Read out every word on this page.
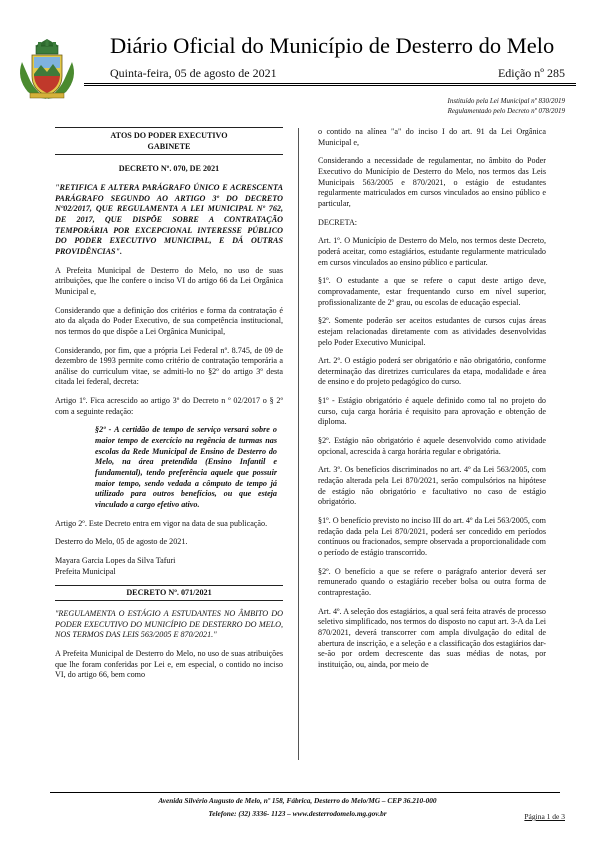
Diário Oficial do Município de Desterro do Melo
Quinta-feira, 05 de agosto de 2021	Edição nº 285
Instituído pela Lei Municipal nº 830/2019
Regulamentado pelo Decreto nº 078/2019
ATOS DO PODER EXECUTIVO
GABINETE
DECRETO Nº. 070, DE 2021

"RETIFICA E ALTERA PARÁGRAFO ÚNICO E ACRESCENTA PARÁGRAFO SEGUNDO AO ARTIGO 3º DO DECRETO Nº02/2017, QUE REGULAMENTA A LEI MUNICIPAL Nº 762, DE 2017, QUE DISPÕE SOBRE A CONTRATAÇÃO TEMPORÁRIA POR EXCEPCIONAL INTERESSE PÚBLICO DO PODER EXECUTIVO MUNICIPAL, E DÁ OUTRAS PROVIDÊNCIAS".

A Prefeita Municipal de Desterro do Melo, no uso de suas atribuições, que lhe confere o inciso VI do artigo 66 da Lei Orgânica Municipal e,

Considerando que a definição dos critérios e forma da contratação é ato da alçada do Poder Executivo, de sua competência institucional, nos termos do que dispõe a Lei Orgânica Municipal,

Considerando, por fim, que a própria Lei Federal nº. 8.745, de 09 de dezembro de 1993 permite como critério de contratação temporária a análise do curriculum vitae, se admiti-lo no §2º do artigo 3º desta citada lei federal, decreta:

Artigo 1º. Fica acrescido ao artigo 3º do Decreto n º 02/2017 o § 2º com a seguinte redação:

§2º - A certidão de tempo de serviço versará sobre o maior tempo de exercício na regência de turmas nas escolas da Rede Municipal de Ensino de Desterro do Melo, na área pretendida (Ensino Infantil e fundamental), tendo preferência aquele que possuir maior tempo, sendo vedada a cômputo de tempo já utilizado para outros benefícios, ou que esteja vinculado a cargo efetivo ativo.

Artigo 2º. Este Decreto entra em vigor na data de sua publicação.

Desterro do Melo, 05 de agosto de 2021.

Mayara Garcia Lopes da Silva Tafuri

Prefeita Municipal

DECRETO Nº. 071/2021

"REGULAMENTA O ESTÁGIO A ESTUDANTES NO ÂMBITO DO PODER EXECUTIVO DO MUNICÍPIO DE DESTERRO DO MELO, NOS TERMOS DAS LEIS 563/2005 E 870/2021."

A Prefeita Municipal de Desterro do Melo, no uso de suas atribuições que lhe foram conferidas por Lei e, em especial, o contido no inciso VI, do artigo 66, bem como

o contido na alínea "a" do inciso I do art. 91 da Lei Orgânica Municipal e,

Considerando a necessidade de regulamentar, no âmbito do Poder Executivo do Município de Desterro do Melo, nos termos das Leis Municipais 563/2005 e 870/2021, o estágio de estudantes regularmente matriculados em cursos vinculados ao ensino público e particular,

DECRETA:

Art. 1º. O Município de Desterro do Melo, nos termos deste Decreto, poderá aceitar, como estagiários, estudante regularmente matriculado em cursos vinculados ao ensino público e particular.

§1º. O estudante a que se refere o caput deste artigo deve, comprovadamente, estar frequentando curso em nível superior, profissionalizante de 2º grau, ou escolas de educação especial.

§2º. Somente poderão ser aceitos estudantes de cursos cujas áreas estejam relacionadas diretamente com as atividades desenvolvidas pelo Poder Executivo Municipal.

Art. 2º. O estágio poderá ser obrigatório e não obrigatório, conforme determinação das diretrizes curriculares da etapa, modalidade e área de ensino e do projeto pedagógico do curso.

§1º - Estágio obrigatório é aquele definido como tal no projeto do curso, cuja carga horária é requisito para aprovação e obtenção de diploma.

§2º. Estágio não obrigatório é aquele desenvolvido como atividade opcional, acrescida à carga horária regular e obrigatória.

Art. 3º. Os benefícios discriminados no art. 4º da Lei 563/2005, com redação alterada pela Lei 870/2021, serão compulsórios na hipótese de estágio não obrigatório e facultativo no caso de estágio obrigatório.

§1º. O benefício previsto no inciso III do art. 4º da Lei 563/2005, com redação dada pela Lei 870/2021, poderá ser concedido em períodos contínuos ou fracionados, sempre observada a proporcionalidade com o período de estágio transcorrido.

§2º. O benefício a que se refere o parágrafo anterior deverá ser remunerado quando o estagiário receber bolsa ou outra forma de contraprestação.

Art. 4º. A seleção dos estagiários, a qual será feita através de processo seletivo simplificado, nos termos do disposto no caput art. 3-A da Lei 870/2021, deverá transcorrer com ampla divulgação do edital de abertura de inscrição, e a seleção e a classificação dos estagiários dar-se-ão por ordem decrescente das suas médias de notas, por instituição, ou, ainda, por meio de

Avenida Silvério Augusto de Melo, nº 158, Fábrica, Desterro do Melo/MG – CEP 36.210-000
Telefone: (32) 3336- 1123 – www.desterrodomelo.mg.gov.br	Página 1 de 3
